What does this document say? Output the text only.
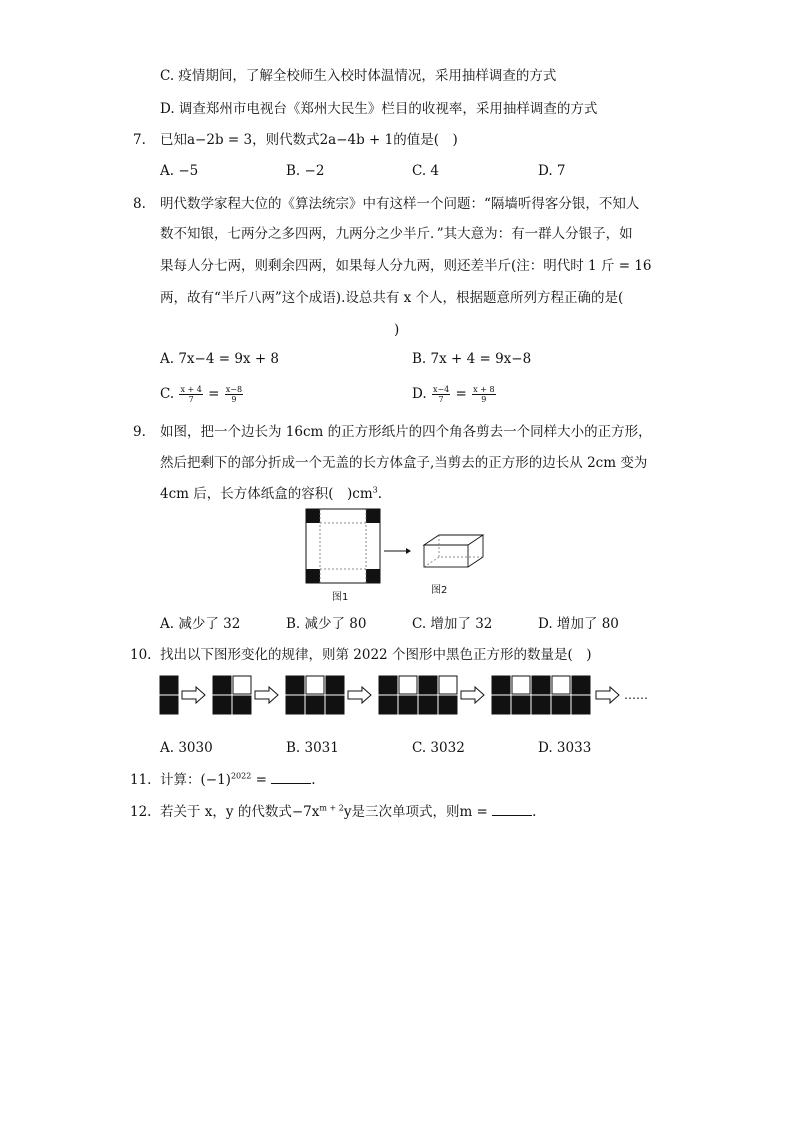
C. 疫情期间，了解全校师生入校时体温情况，采用抽样调查的方式
D. 调查郑州市电视台《郑州大民生》栏目的收视率，采用抽样调查的方式
7. 已知a−2b = 3，则代数式2a−4b + 1的值是(　)
A. −5	B. −2	C. 4	D. 7
8. 明代数学家程大位的《算法统宗》中有这样一个问题：“隔墙听得客分银，不知人
数不知银，七两分之多四两，九两分之少半斤．”其大意为：有一群人分银子，如
果每人分七两，则剩余四两，如果每人分九两，则还差半斤(注：明代时 1 斤 = 16
两，故有“半斤八两”这个成语).设总共有 x 个人，根据题意所列方程正确的是(
)
A. 7x−4 = 9x + 8	B. 7x + 4 = 9x−8
C. $\frac{x + 4}{7} = \frac{x-8}{9}$	D. $\frac{x-4}{7} = \frac{x + 8}{9}$
9. 如图，把一个边长为 16cm 的正方形纸片的四个角各剪去一个同样大小的正方形，
然后把剩下的部分折成一个无盖的长方体盒子,当剪去的正方形的边长从 2cm 变为
4cm 后，长方体纸盒的容积(　)$cm^3$.
图1
图2
A. 减少了 32	B. 减少了 80	C. 增加了 32	D. 增加了 80
10. 找出以下图形变化的规律，则第 2022 个图形中黑色正方形的数量是(　)
……
A. 3030	B. 3031	C. 3032	D. 3033
11. 计算：$(-1)^{2022}$ =	.
12. 若关于 x，y 的代数式$-7x^{m + 2}y$是三次单项式，则m =	.
